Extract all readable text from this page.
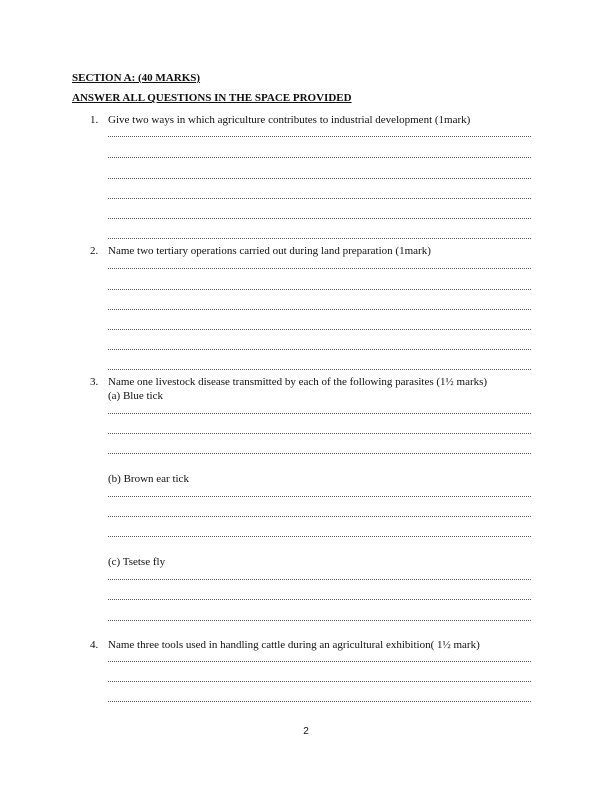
SECTION A: (40 MARKS)
ANSWER ALL QUESTIONS IN THE SPACE PROVIDED
1. Give two ways in which agriculture contributes to industrial development (1mark)
2. Name two tertiary operations carried out during land preparation (1mark)
3. Name one livestock disease transmitted by each of the following parasites (1½ marks)
(a) Blue tick
(b) Brown ear tick
(c) Tsetse fly
4. Name three tools used in handling cattle during an agricultural exhibition( 1½ mark)
2
